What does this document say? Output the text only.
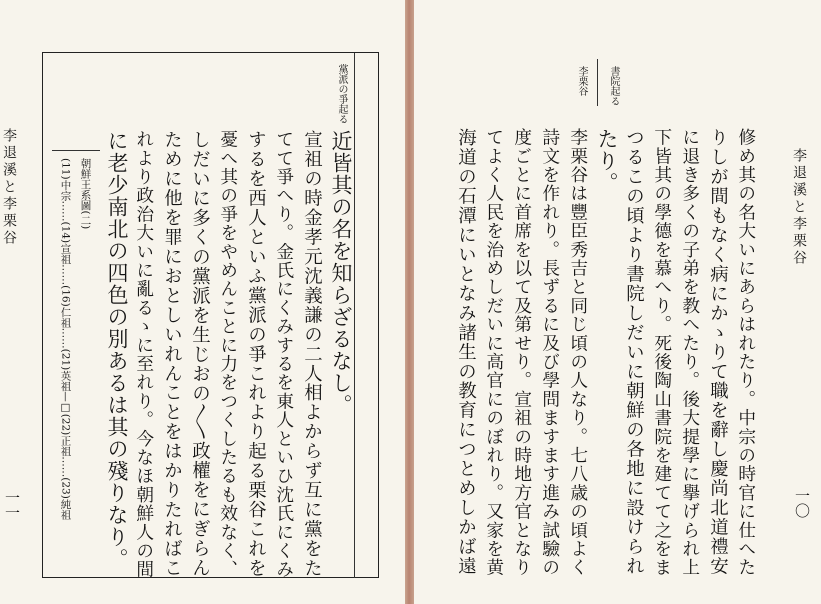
李退溪と李栗谷
一一
黨派の爭起る
近皆其の名を知らざるなし。
宣祖の時金孝元沈義謙の二人相よからず互に黨をた
てて爭へり。金氏にくみするを東人といひ沈氏にくみ
するを西人といふ黨派の爭これより起る栗谷これを
憂へ其の爭をやめんことに力をつくしたるも效なく、
しだいに多くの黨派を生じおの〳〵政權をにぎらん
ために他を罪におとしいれんことをはかりたればこ
れより政治大いに亂るゝに至れり。今なほ朝鮮人の間
に老少南北の四色の別あるは其の殘りなり。
朝鮮王系圖(二)
(11)中宗……(14)宣祖……(16)仁祖……(21)英祖—□(22)正祖……(23)純祖	李退溪と李栗谷
一〇
書院起る
李栗谷
修め其の名大いにあらはれたり。中宗の時官に仕へた
りしが間もなく病にかゝりて職を辭し慶尚北道禮安
に退き多くの子弟を教へたり。後大提學に擧げられ上
下皆其の學德を慕へり。死後陶山書院を建てて之をま
つるこの頃より書院しだいに朝鮮の各地に設けられ
たり。
李栗谷は豐臣秀吉と同じ頃の人なり。七八歳の頃よく
詩文を作れり。長ずるに及び學問ますます進み試驗の
度ごとに首席を以て及第せり。宣祖の時地方官となり
てよく人民を治めしだいに高官にのぼれり。又家を黄
海道の石潭にいとなみ諸生の教育につとめしかば遠
